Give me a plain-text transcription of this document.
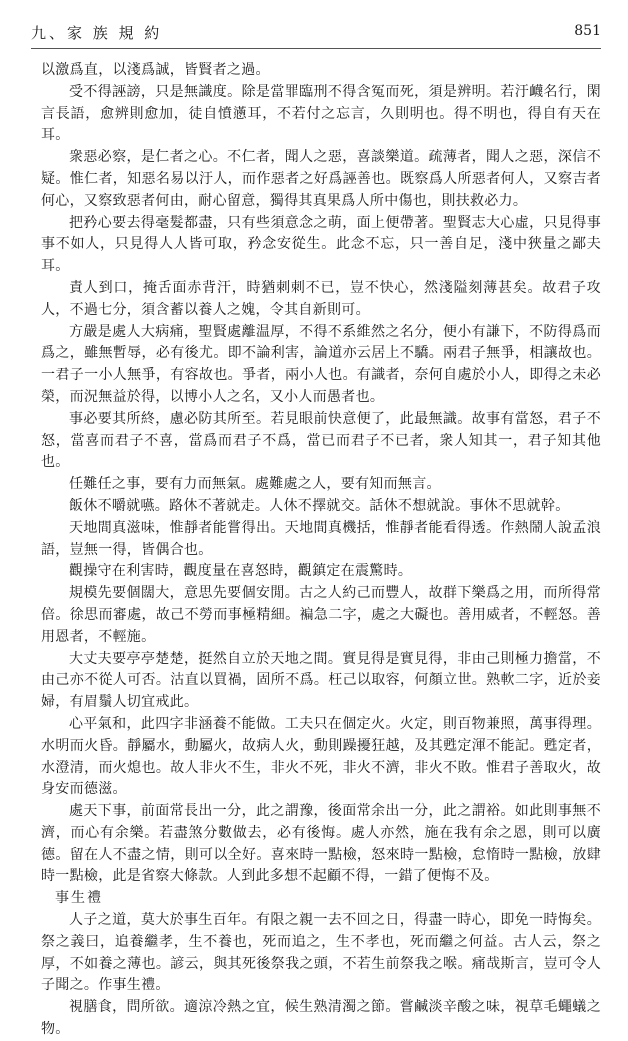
九、家 族 規 約	851

以激爲直，以淺爲誠，皆賢者之過。

受不得誣謗，只是無識度。除是當罪臨刑不得含冤而死，須是辨明。若汙衊名行，閑言長語，愈辨則愈加，徒自憤懣耳，不若付之忘言，久則明也。得不明也，得自有天在耳。

衆惡必察，是仁者之心。不仁者，聞人之惡，喜談樂道。疏薄者，聞人之惡，深信不疑。惟仁者，知惡名易以汙人，而作惡者之好爲誣善也。既察爲人所惡者何人，又察吉者何心，又察致惡者何由，耐心留意，獨得其真果爲人所中傷也，則扶救必力。

把矜心要去得毫髮都盡，只有些須意念之萌，面上便帶著。聖賢志大心虛，只見得事事不如人，只見得人人皆可取，矜念安從生。此念不忘，只一善自足，淺中狹量之鄙夫耳。

責人到口，掩舌面赤背汗，時猶刺刺不已，豈不快心，然淺隘刻薄甚矣。故君子攻人，不過七分，須含蓄以養人之媿，令其自新則可。

方嚴是處人大病痛，聖賢處離温厚，不得不系維然之名分，便小有謙下，不防得爲而爲之，雖無暫辱，必有後尤。即不論利害，論道亦云居上不驕。兩君子無爭，相讓故也。一君子一小人無爭，有容故也。爭者，兩小人也。有識者，奈何自處於小人，即得之未必榮，而況無益於得，以博小人之名，又小人而愚者也。

事必要其所終，慮必防其所至。若見眼前快意便了，此最無識。故事有當怒，君子不怒，當喜而君子不喜，當爲而君子不爲，當已而君子不已者，衆人知其一，君子知其他也。

任難任之事，要有力而無氣。處難處之人，要有知而無言。

飯休不嚼就嚥。路休不著就走。人休不擇就交。話休不想就說。事休不思就幹。

天地間真滋味，惟靜者能嘗得出。天地間真機括，惟靜者能看得透。作熱鬧人說孟浪語，豈無一得，皆偶合也。

觀操守在利害時，觀度量在喜怒時，觀鎮定在震驚時。

規模先要個闊大，意思先要個安閒。古之人約己而豐人，故群下樂爲之用，而所得常倍。徐思而審處，故己不勞而事極精細。褊急二字，處之大礙也。善用威者，不輕怒。善用恩者，不輕施。

大丈夫要亭亭楚楚，挺然自立於天地之間。實見得是實見得，非由己則極力擔當，不由己亦不從人可否。沽直以買禍，固所不爲。枉己以取容，何顏立世。熟軟二字，近於妾婦，有眉鬚人切宜戒此。

心平氣和，此四字非涵養不能做。工夫只在個定火。火定，則百物兼照，萬事得理。水明而火昏。靜屬水，動屬火，故病人火，動則躁擾狂越，及其甦定渾不能記。甦定者，水澄清，而火熄也。故人非火不生，非火不死，非火不濟，非火不敗。惟君子善取火，故身安而德滋。

處天下事，前面常長出一分，此之謂豫，後面常余出一分，此之謂裕。如此則事無不濟，而心有余樂。若盡煞分數做去，必有後悔。處人亦然，施在我有余之恩，則可以廣德。留在人不盡之情，則可以全好。喜來時一點檢，怒來時一點檢，怠惰時一點檢，放肆時一點檢，此是省察大條款。人到此多想不起顧不得，一錯了便悔不及。

事生禮

人子之道，莫大於事生百年。有限之親一去不回之日，得盡一時心，即免一時悔矣。祭之義曰，追養繼孝，生不養也，死而追之，生不孝也，死而繼之何益。古人云，祭之厚，不如養之薄也。諺云，與其死後祭我之頭，不若生前祭我之喉。痛哉斯言，豈可令人子聞之。作事生禮。

視膳食，問所欲。適涼冷熱之宜，候生熟清濁之節。嘗鹹淡辛酸之味，視草毛蠅蟻之物。
